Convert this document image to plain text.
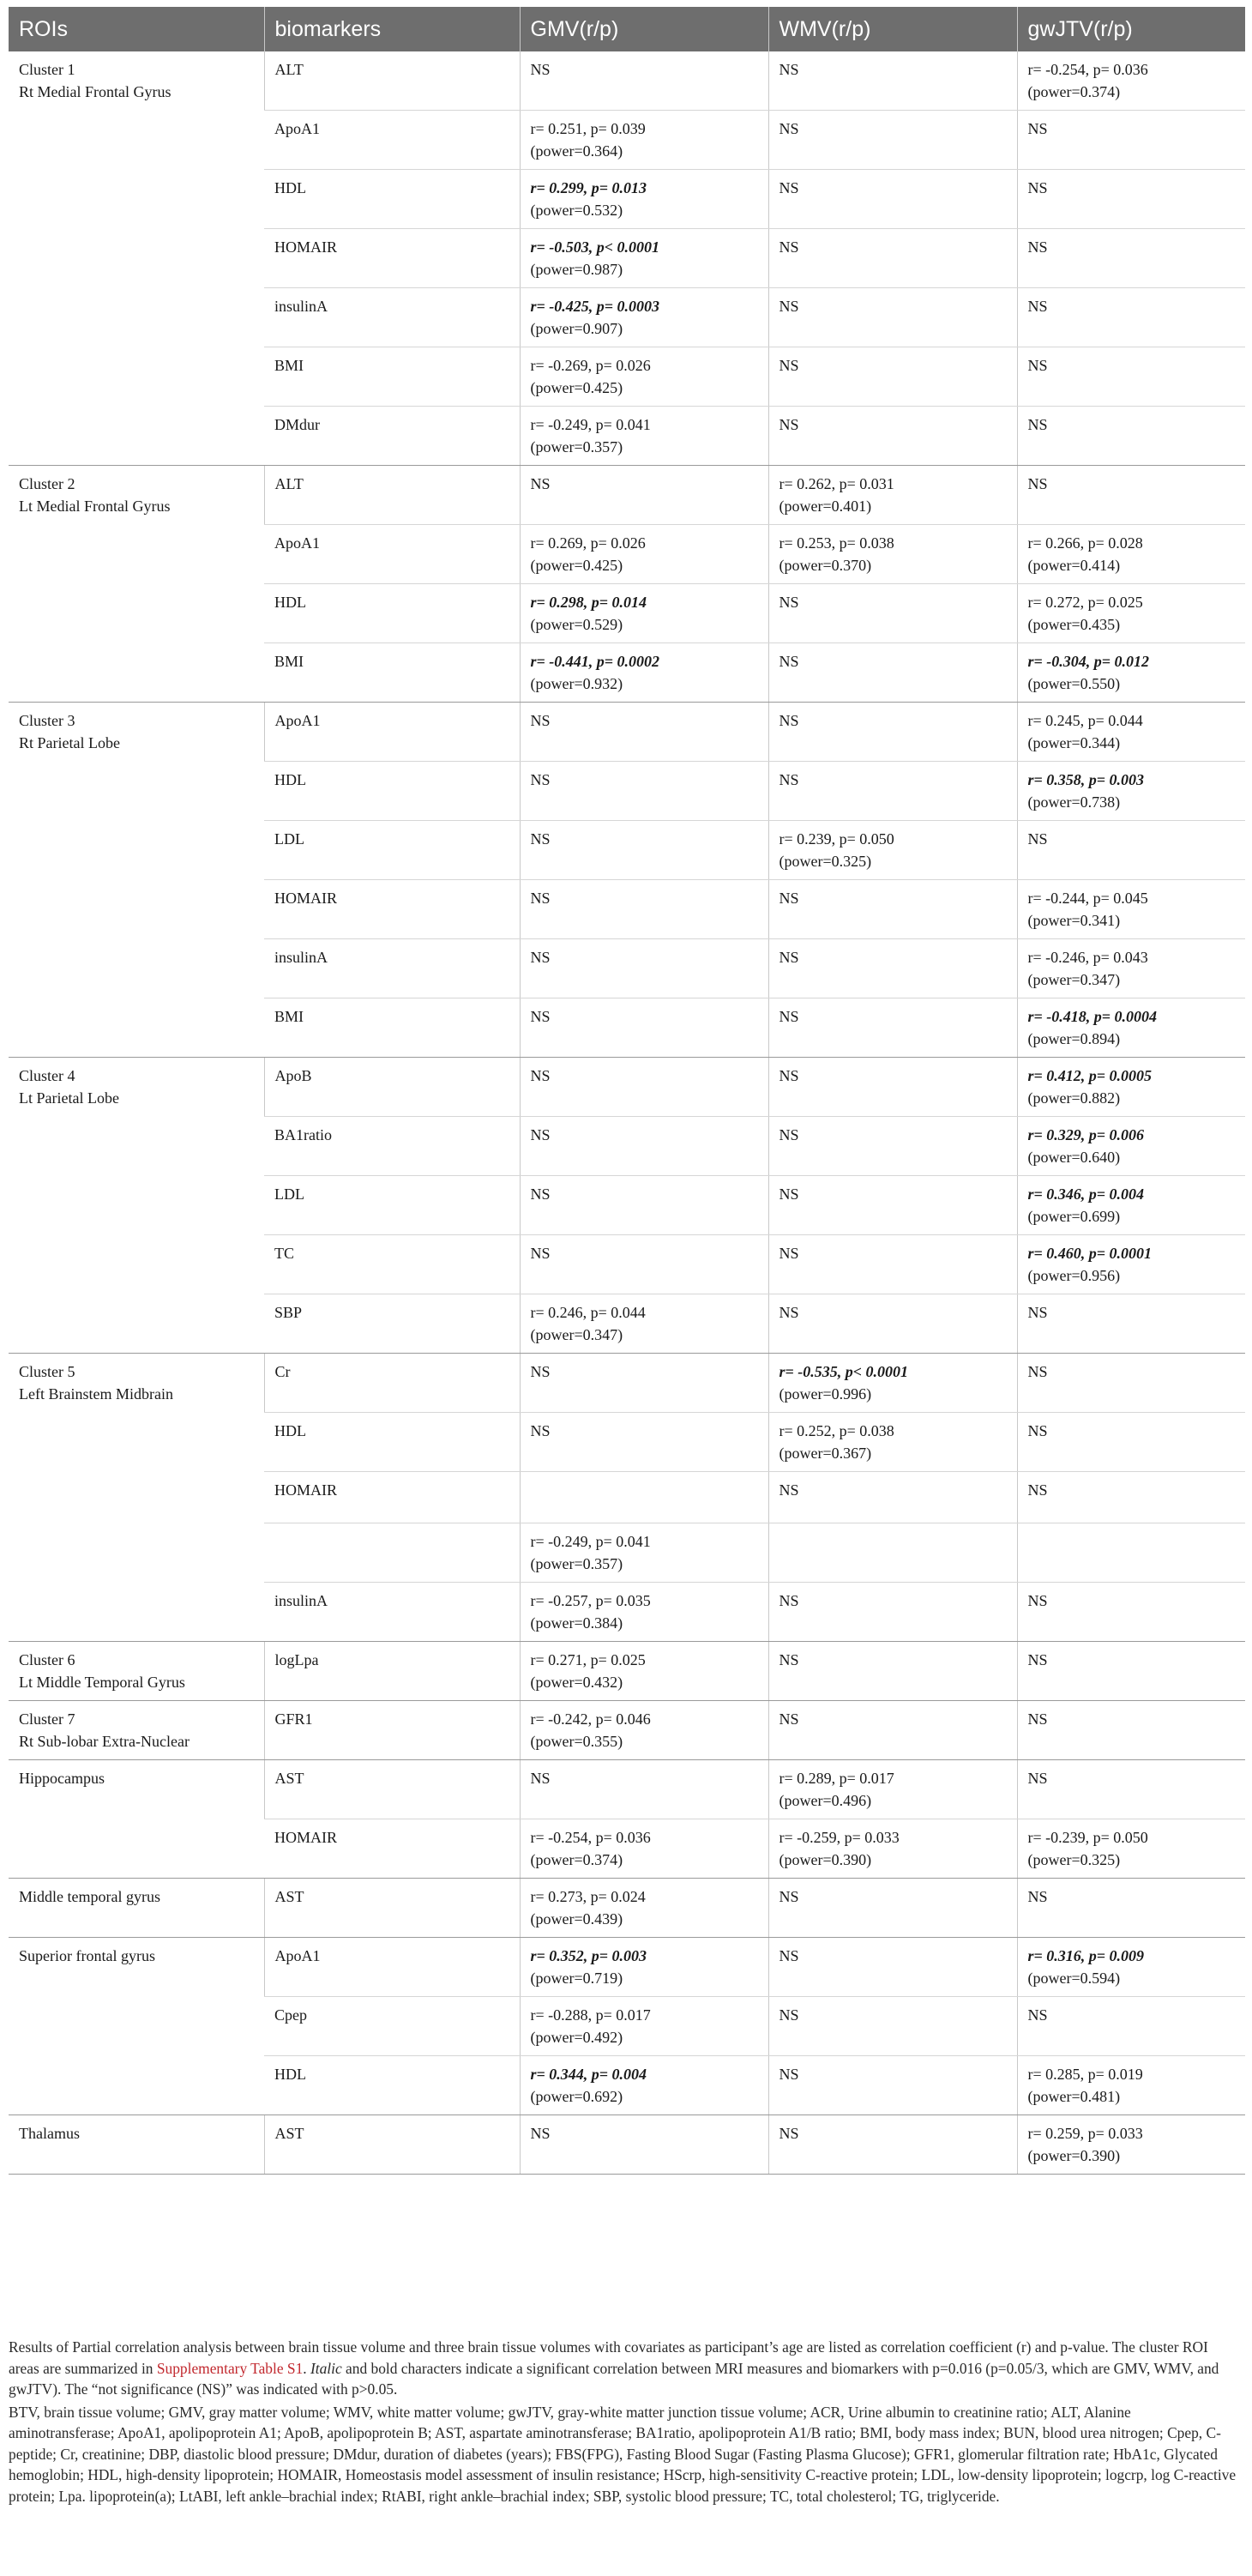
ROIs	biomarkers	GMV(r/p)	WMV(r/p)	gwJTV(r/p)

Cluster 1
Rt Medial Frontal Gyrus	ALT	NS	NS	r= -0.254, p= 0.036
(power=0.374)

	ApoA1	r= 0.251, p= 0.039
(power=0.364)	NS	NS

	HDL	r= 0.299, p= 0.013
(power=0.532)	NS	NS

	HOMAIR	r= -0.503, p< 0.0001
(power=0.987)	NS	NS

	insulinA	r= -0.425, p= 0.0003
(power=0.907)	NS	NS

	BMI	r= -0.269, p= 0.026
(power=0.425)	NS	NS

	DMdur	r= -0.249, p= 0.041
(power=0.357)	NS	NS

Cluster 2
Lt Medial Frontal Gyrus	ALT	NS	r= 0.262, p= 0.031
(power=0.401)	NS

	ApoA1	r= 0.269, p= 0.026
(power=0.425)	r= 0.253, p= 0.038
(power=0.370)	r= 0.266, p= 0.028
(power=0.414)

	HDL	r= 0.298, p= 0.014
(power=0.529)	NS	r= 0.272, p= 0.025
(power=0.435)

	BMI	r= -0.441, p= 0.0002
(power=0.932)	NS	r= -0.304, p= 0.012
(power=0.550)

Cluster 3
Rt Parietal Lobe	ApoA1	NS	NS	r= 0.245, p= 0.044
(power=0.344)

	HDL	NS	NS	r= 0.358, p= 0.003
(power=0.738)

	LDL	NS	r= 0.239, p= 0.050
(power=0.325)	NS

	HOMAIR	NS	NS	r= -0.244, p= 0.045
(power=0.341)

	insulinA	NS	NS	r= -0.246, p= 0.043
(power=0.347)

	BMI	NS	NS	r= -0.418, p= 0.0004
(power=0.894)

Cluster 4
Lt Parietal Lobe	ApoB	NS	NS	r= 0.412, p= 0.0005
(power=0.882)

	BA1ratio	NS	NS	r= 0.329, p= 0.006
(power=0.640)

	LDL	NS	NS	r= 0.346, p= 0.004
(power=0.699)

	TC	NS	NS	r= 0.460, p= 0.0001
(power=0.956)

	SBP	r= 0.246, p= 0.044
(power=0.347)	NS	NS

Cluster 5
Left Brainstem Midbrain	Cr	NS	r= -0.535, p< 0.0001
(power=0.996)	NS

	HDL	NS	r= 0.252, p= 0.038
(power=0.367)	NS

	HOMAIR		NS	NS

		r= -0.249, p= 0.041
(power=0.357)		

	insulinA	r= -0.257, p= 0.035
(power=0.384)	NS	NS

Cluster 6
Lt Middle Temporal Gyrus	logLpa	r= 0.271, p= 0.025
(power=0.432)	NS	NS

Cluster 7
Rt Sub-lobar Extra-Nuclear	GFR1	r= -0.242, p= 0.046
(power=0.355)	NS	NS

Hippocampus	AST	NS	r= 0.289, p= 0.017
(power=0.496)	NS

	HOMAIR	r= -0.254, p= 0.036
(power=0.374)	r= -0.259, p= 0.033
(power=0.390)	r= -0.239, p= 0.050
(power=0.325)

Middle temporal gyrus	AST	r= 0.273, p= 0.024
(power=0.439)	NS	NS

Superior frontal gyrus	ApoA1	r= 0.352, p= 0.003
(power=0.719)	NS	r= 0.316, p= 0.009
(power=0.594)

	Cpep	r= -0.288, p= 0.017
(power=0.492)	NS	NS

	HDL	r= 0.344, p= 0.004
(power=0.692)	NS	r= 0.285, p= 0.019
(power=0.481)

Thalamus	AST	NS	NS	r= 0.259, p= 0.033
(power=0.390)

Results of Partial correlation analysis between brain tissue volume and three brain tissue volumes with covariates as participant’s age are listed as correlation coefficient (r) and p-value. The cluster ROI areas are summarized in Supplementary Table S1. Italic and bold characters indicate a significant correlation between MRI measures and biomarkers with p=0.016 (p=0.05/3, which are GMV, WMV, and gwJTV). The “not significance (NS)” was indicated with p>0.05.

BTV, brain tissue volume; GMV, gray matter volume; WMV, white matter volume; gwJTV, gray-white matter junction tissue volume; ACR, Urine albumin to creatinine ratio; ALT, Alanine aminotransferase; ApoA1, apolipoprotein A1; ApoB, apolipoprotein B; AST, aspartate aminotransferase; BA1ratio, apolipoprotein A1/B ratio; BMI, body mass index; BUN, blood urea nitrogen; Cpep, C-peptide; Cr, creatinine; DBP, diastolic blood pressure; DMdur, duration of diabetes (years); FBS(FPG), Fasting Blood Sugar (Fasting Plasma Glucose); GFR1, glomerular filtration rate; HbA1c, Glycated hemoglobin; HDL, high-density lipoprotein; HOMAIR, Homeostasis model assessment of insulin resistance; HScrp, high-sensitivity C-reactive protein; LDL, low-density lipoprotein; logcrp, log C-reactive protein; Lpa. lipoprotein(a); LtABI, left ankle–brachial index; RtABI, right ankle–brachial index; SBP, systolic blood pressure; TC, total cholesterol; TG, triglyceride.
